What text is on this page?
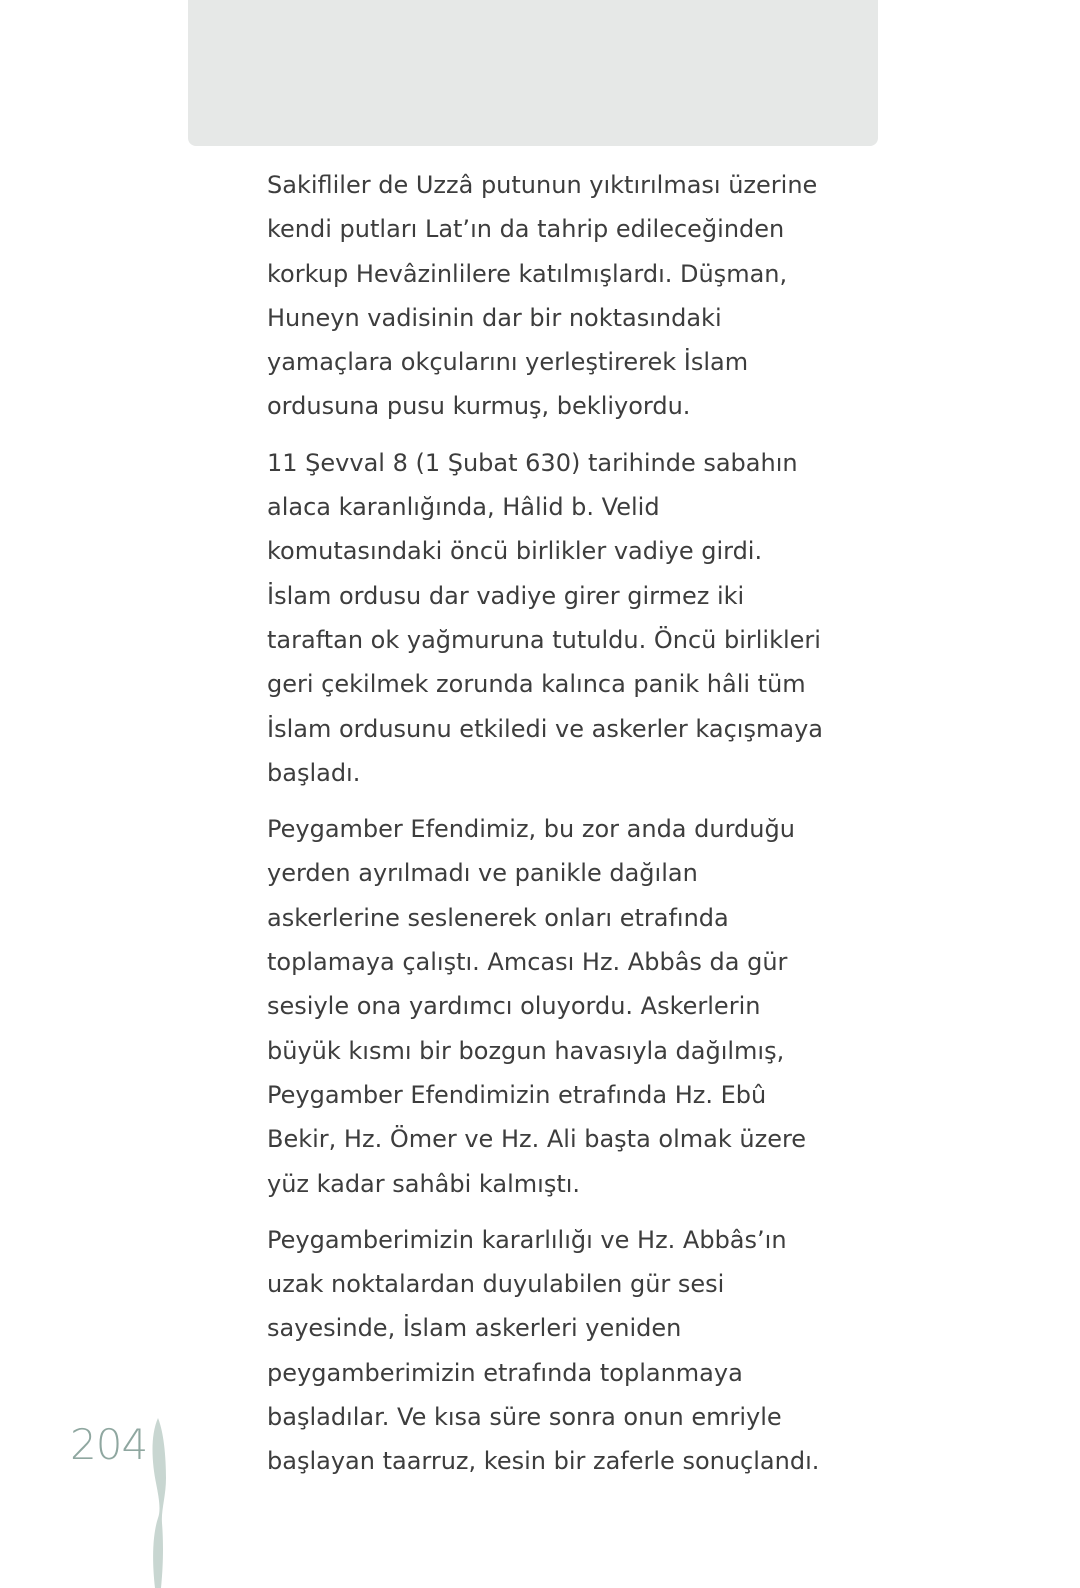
Sakifliler de Uzzâ putunun yıktırılması üzerine kendi putları Lat’ın da tahrip edileceğinden korkup Hevâzinlilere katılmışlardı. Düşman, Huneyn vadisinin dar bir noktasındaki yamaçlara okçularını yerleştirerek İslam ordusuna pusu kurmuş, bekliyordu.

11 Şevval 8 (1 Şubat 630) tarihinde sabahın alaca karanlığında, Hâlid b. Velid komutasındaki öncü birlikler vadiye girdi. İslam ordusu dar vadiye girer girmez iki taraftan ok yağmuruna tutuldu. Öncü birlikleri geri çekilmek zorunda kalınca panik hâli tüm İslam ordusunu etkiledi ve askerler kaçışmaya başladı.

Peygamber Efendimiz, bu zor anda durduğu yerden ayrılmadı ve panikle dağılan askerlerine seslenerek onları etrafında toplamaya çalıştı. Amcası Hz. Abbâs da gür sesiyle ona yardımcı oluyordu. Askerlerin büyük kısmı bir bozgun havasıyla dağılmış, Peygamber Efendimizin etrafında Hz. Ebû Bekir, Hz. Ömer ve Hz. Ali başta olmak üzere yüz kadar sahâbi kalmıştı.

Peygamberimizin kararlılığı ve Hz. Abbâs’ın uzak noktalardan duyulabilen gür sesi sayesinde, İslam askerleri yeniden peygamberimizin etrafında toplanmaya başladılar. Ve kısa süre sonra onun emriyle başlayan taarruz, kesin bir zaferle sonuçlandı.

204
